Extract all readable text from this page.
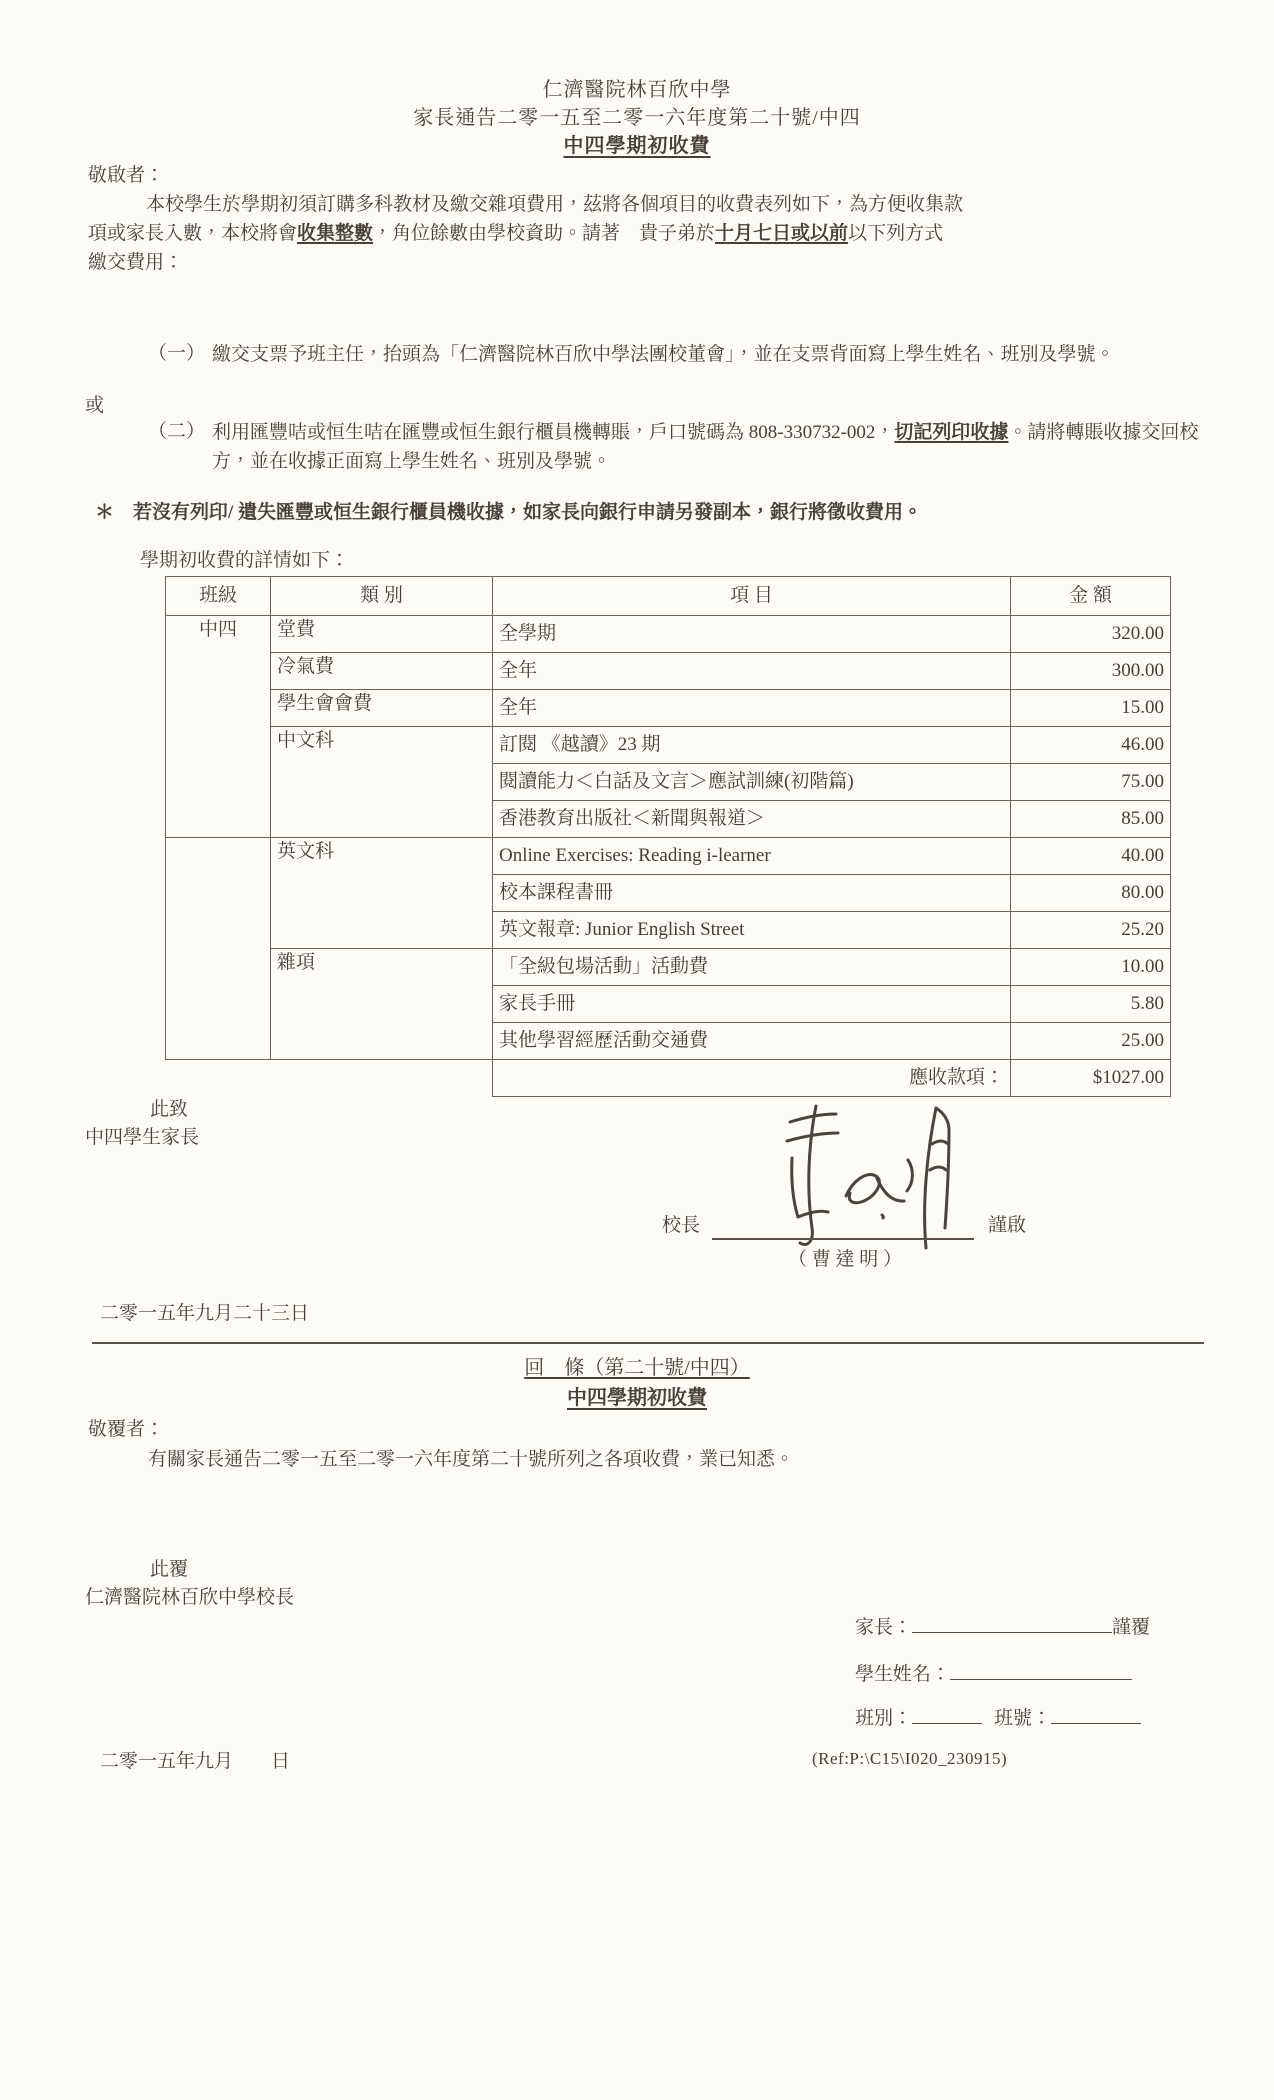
仁濟醫院林百欣中學
家長通告二零一五至二零一六年度第二十號/中四
中四學期初收費
敬啟者：
本校學生於學期初須訂購多科教材及繳交雜項費用，茲將各個項目的收費表列如下，為方便收集款
項或家長入數，本校將會收集整數，角位餘數由學校資助。請著　貴子弟於十月七日或以前以下列方式
繳交費用：
（一） 繳交支票予班主任，抬頭為「仁濟醫院林百欣中學法團校董會」，並在支票背面寫上學生姓名、班別及學號。
或
（二） 利用匯豐咭或恒生咭在匯豐或恒生銀行櫃員機轉賬，戶口號碼為 808-330732-002，切記列印收據。請將轉賬收據交回校方，並在收據正面寫上學生姓名、班別及學號。
＊ 若沒有列印/ 遺失匯豐或恒生銀行櫃員機收據，如家長向銀行申請另發副本，銀行將徵收費用。
學期初收費的詳情如下：
班級	類 別	項 目	金 額
中四	堂費	全學期	320.00
	冷氣費	全年	300.00
	學生會會費	全年	15.00
	中文科	訂閱 《越讀》23 期	46.00
		閱讀能力＜白話及文言＞應試訓練(初階篇)	75.00
		香港教育出版社＜新聞與報道＞	85.00
	英文科	Online Exercises: Reading i-learner	40.00
		校本課程書冊	80.00
		英文報章: Junior English Street	25.20
	雜項	「全級包場活動」活動費	10.00
		家長手冊	5.80
		其他學習經歷活動交通費	25.00
		應收款項：	$1027.00
此致
中四學生家長
校長	謹啟
（ 曹 達 明 ）
二零一五年九月二十三日
回　條（第二十號/中四）
中四學期初收費
敬覆者：
有關家長通告二零一五至二零一六年度第二十號所列之各項收費，業已知悉。
此覆
仁濟醫院林百欣中學校長
家長：	謹覆
學生姓名：
班別：	班號：
二零一五年九月 日	(Ref:P:\C15\I020_230915)
